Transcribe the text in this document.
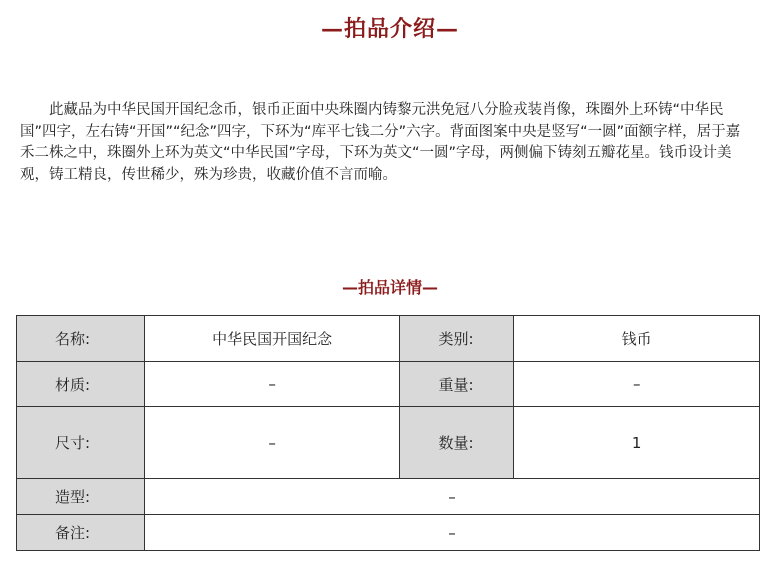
—拍品介绍—

此藏品为中华民国开国纪念币，银币正面中央珠圈内铸黎元洪免冠八分脸戎装肖像，珠圈外上环铸“中华民国”四字，左右铸“开国”“纪念”四字，下环为“库平七钱二分”六字。背面图案中央是竖写“一圆”面额字样，居于嘉禾二株之中，珠圈外上环为英文“中华民国”字母，下环为英文“一圆”字母，两侧偏下铸刻五瓣花星。钱币设计美观，铸工精良，传世稀少，殊为珍贵，收藏价值不言而喻。

—拍品详情—
名称:	中华民国开国纪念	类别:	钱币
材质:	–	重量:	–
尺寸:	–	数量:	1
造型:	–		
备注:	–		
